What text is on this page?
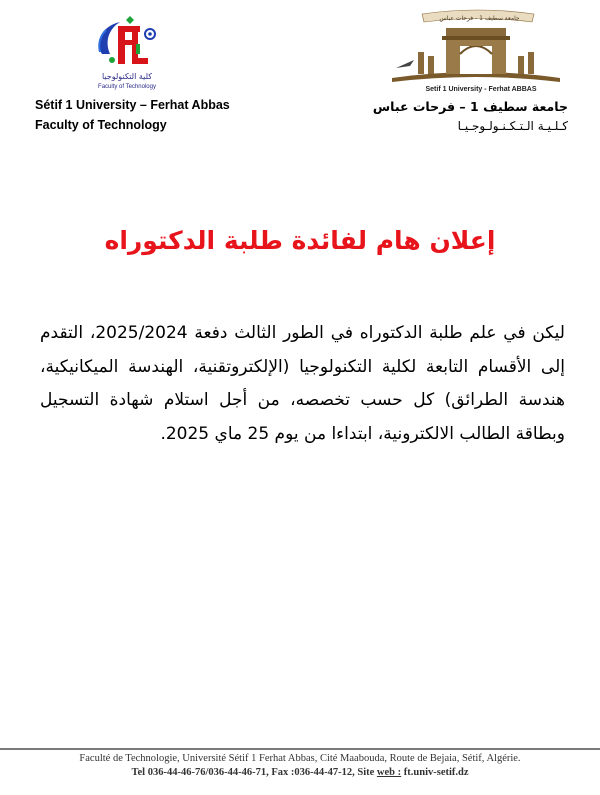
كلية التكنولوجيا
Faculty of Technology
جامعة سطيف 1 - فرحات عباس
Setif 1 University - Ferhat ABBAS
Sétif 1 University – Ferhat Abbas
Faculty of Technology
جامعة سطيف 1 – فرحات عباس
كـلـيـة الـتـكـنـولـوجـيـا
إعلان هام لفائدة طلبة الدكتوراه
ليكن في علم طلبة الدكتوراه في الطور الثالث دفعة 2025/2024، التقدم
إلى الأقسام التابعة لكلية التكنولوجيا (الإلكتروتقنية، الهندسة الميكانيكية،
هندسة الطرائق) كل حسب تخصصه، من أجل استلام شهادة التسجيل
وبطاقة الطالب الالكترونية، ابتداءا من يوم 25 ماي 2025.
Faculté de Technologie, Université Sétif 1 Ferhat Abbas, Cité Maabouda, Route de Bejaia, Sétif, Algérie.
Tel 036-44-46-76/036-44-46-71, Fax :036-44-47-12, Site web : ft.univ-setif.dz
